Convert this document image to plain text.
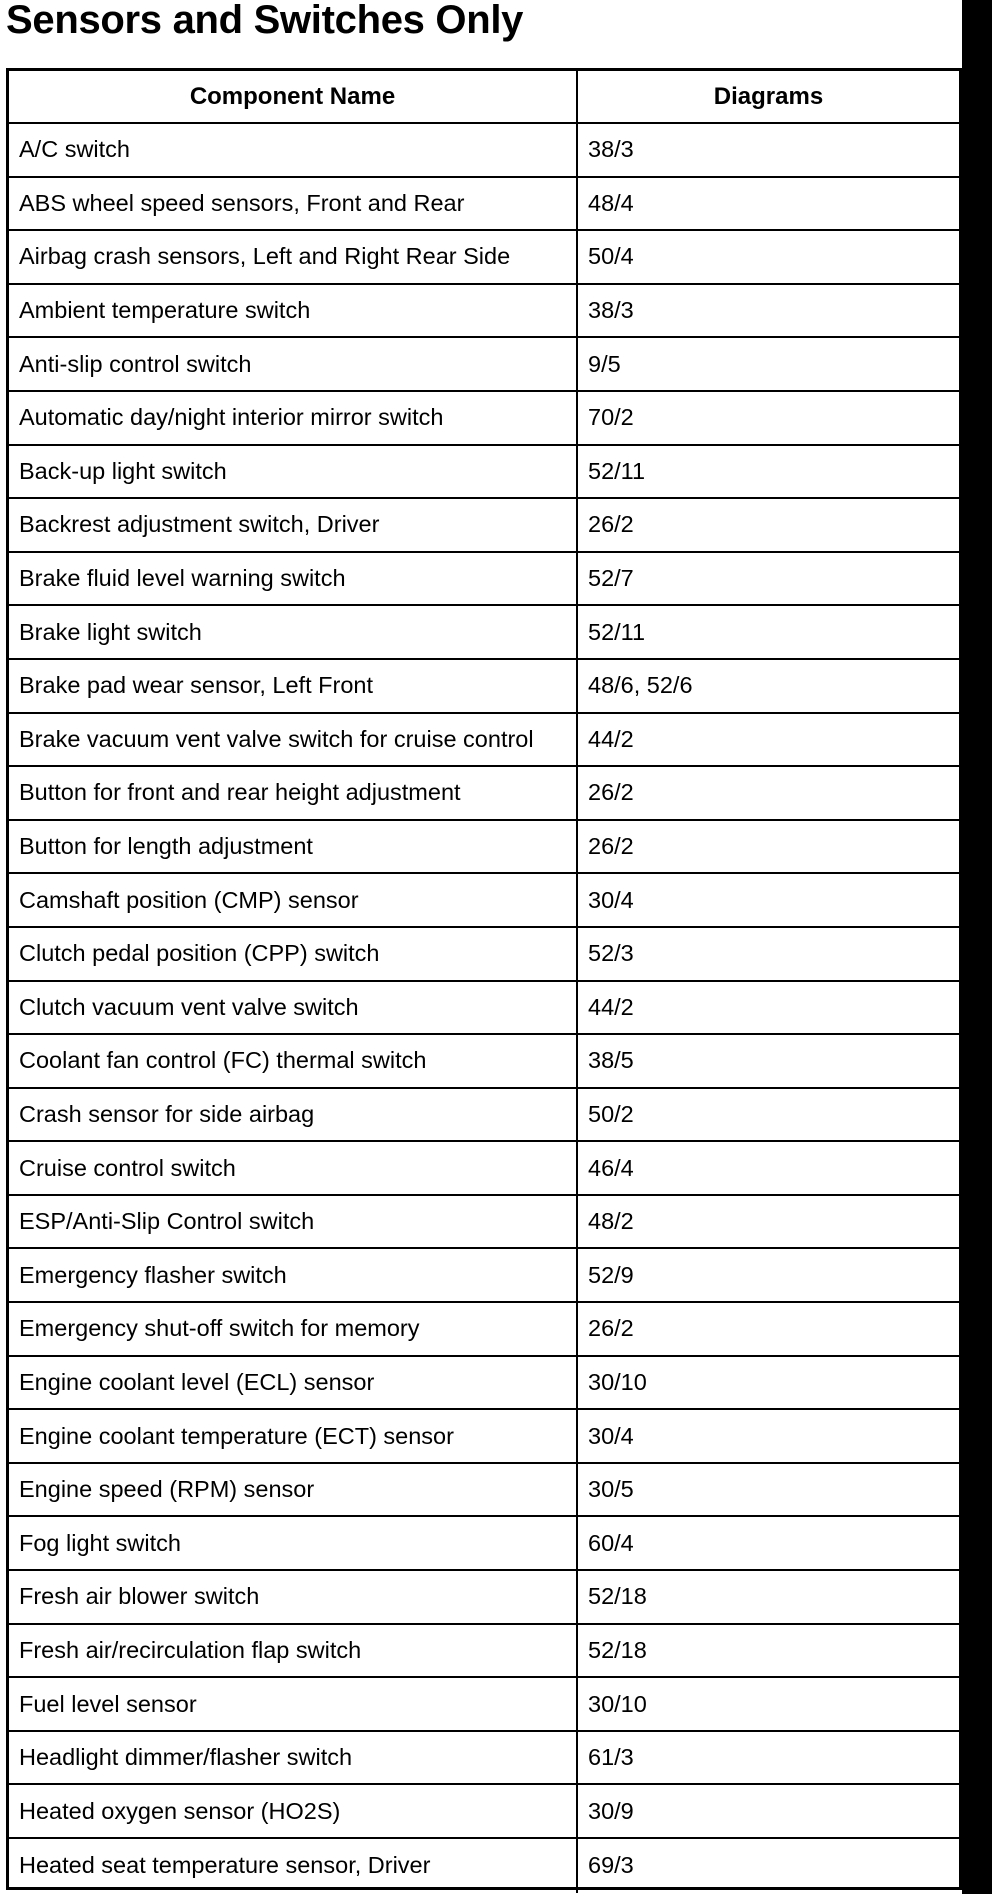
Sensors and Switches Only
Component Name	Diagrams
A/C switch	38/3
ABS wheel speed sensors, Front and Rear	48/4
Airbag crash sensors, Left and Right Rear Side	50/4
Ambient temperature switch	38/3
Anti-slip control switch	9/5
Automatic day/night interior mirror switch	70/2
Back-up light switch	52/11
Backrest adjustment switch, Driver	26/2
Brake fluid level warning switch	52/7
Brake light switch	52/11
Brake pad wear sensor, Left Front	48/6, 52/6
Brake vacuum vent valve switch for cruise control	44/2
Button for front and rear height adjustment	26/2
Button for length adjustment	26/2
Camshaft position (CMP) sensor	30/4
Clutch pedal position (CPP) switch	52/3
Clutch vacuum vent valve switch	44/2
Coolant fan control (FC) thermal switch	38/5
Crash sensor for side airbag	50/2
Cruise control switch	46/4
ESP/Anti-Slip Control switch	48/2
Emergency flasher switch	52/9
Emergency shut-off switch for memory	26/2
Engine coolant level (ECL) sensor	30/10
Engine coolant temperature (ECT) sensor	30/4
Engine speed (RPM) sensor	30/5
Fog light switch	60/4
Fresh air blower switch	52/18
Fresh air/recirculation flap switch	52/18
Fuel level sensor	30/10
Headlight dimmer/flasher switch	61/3
Heated oxygen sensor (HO2S)	30/9
Heated seat temperature sensor, Driver	69/3
